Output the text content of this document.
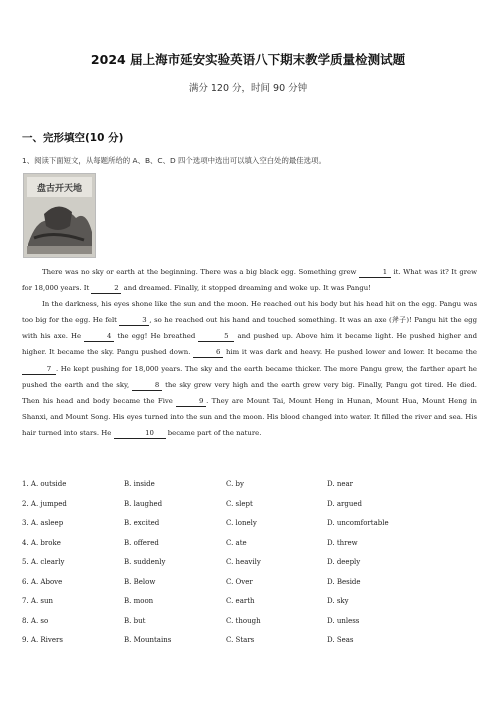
2024 届上海市延安实验英语八下期末教学质量检测试题
满分 120 分，时间 90 分钟
一、完形填空(10 分)
1、阅读下面短文，从每题所给的 A、B、C、D 四个选项中选出可以填入空白处的最佳选项。
盘古开天地

There was no sky or earth at the beginning. There was a big black egg. Something grew	1 it. What was it? It grew for 18,000 years. It	2 and dreamed. Finally, it stopped dreaming and woke up. It was Pangu!

In the darkness, his eyes shone like the sun and the moon. He reached out his body but his head hit on the egg. Pangu was too big for the egg. He felt	3 , so he reached out his hand and touched something. It was an axe (斧子)! Pangu hit the egg with his axe. He	4 the egg! He breathed	5 and pushed up. Above him it became light. He pushed higher and higher. It became the sky. Pangu pushed down.	6 him it was dark and heavy. He pushed lower and lower. It became the 7 . He kept pushing for 18,000 years. The sky and the earth became thicker. The more Pangu grew, the farther apart he pushed the earth and the sky,	8 the sky grew very high and the earth grew very big. Finally, Pangu got tired. He died. Then his head and body became the Five	9 . They are Mount Tai, Mount Heng in Hunan, Mount Hua, Mount Heng in Shanxi, and Mount Song. His eyes turned into the sun and the moon. His blood changed into water. It filled the river and sea. His hair turned into stars. He	10 became part of the nature.

1. A. outside	B. inside	C. by	D. near
2. A. jumped	B. laughed	C. slept	D. argued
3. A. asleep	B. excited	C. lonely	D. uncomfortable
4. A. broke	B. offered	C. ate	D. threw
5. A. clearly	B. suddenly	C. heavily	D. deeply
6. A. Above	B. Below	C. Over	D. Beside
7. A. sun	B. moon	C. earth	D. sky
8. A. so	B. but	C. though	D. unless
9. A. Rivers	B. Mountains	C. Stars	D. Seas
